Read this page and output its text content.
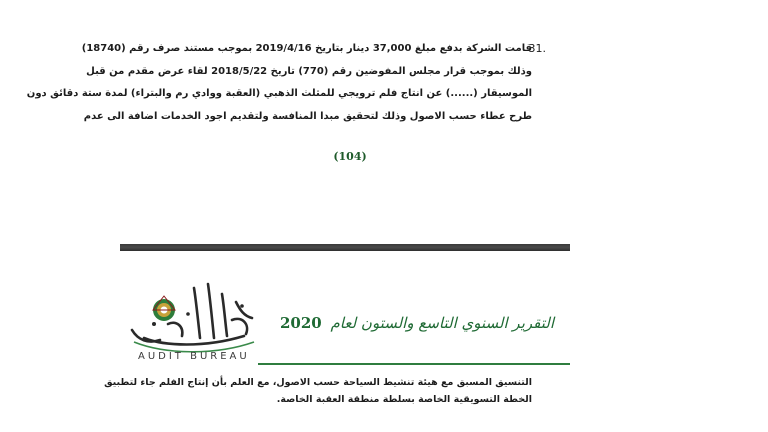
31.
قامت الشركة بدفع مبلغ 37,000 دينار بتاريخ 2019/4/16 بموجب مستند صرف رقم (18740)
وذلك بموجب قرار مجلس المفوضين رقم (770) تاريخ 2018/5/22 لقاء عرض مقدم من قبل
الموسيقار (......) عن انتاج فلم ترويجي للمثلث الذهبي (العقبة ووادي رم والبتراء) لمدة ستة دقائق دون
طرح عطاء حسب الاصول وذلك لتحقيق مبدا المنافسة ولتقديم اجود الخدمات اضافة الى عدم
(104)
AUDIT BUREAU
التقرير السنوي التاسع والستون لعام 2020
التنسيق المسبق مع هيئة تنشيط السياحة حسب الاصول، مع العلم بأن إنتاج الفلم جاء لتطبيق
الخطة التسويقية الخاصة بسلطة منطقة العقبة الخاصة.
